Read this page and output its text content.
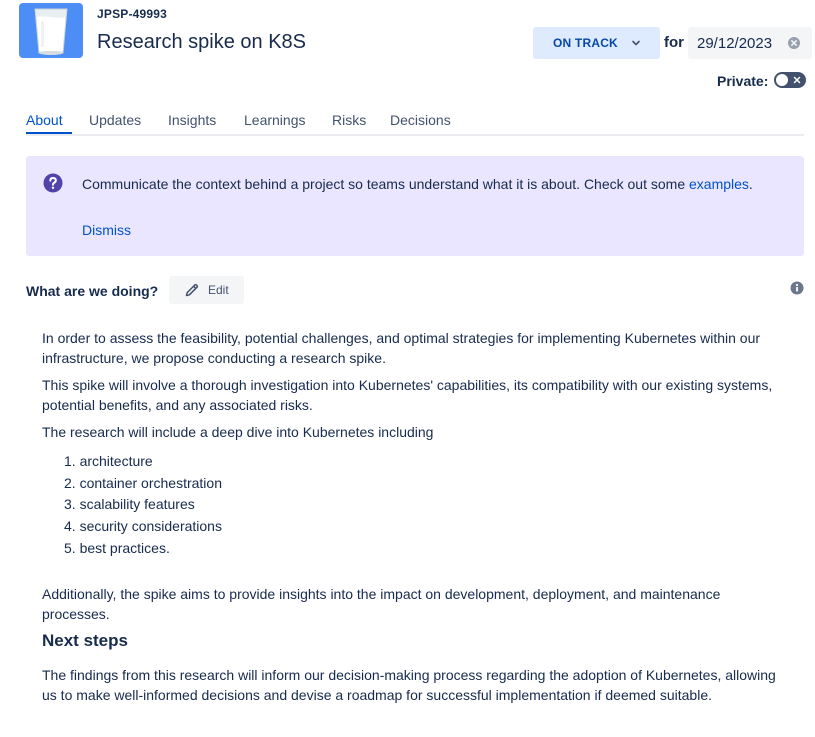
JPSP-49993
Research spike on K8S	ON TRACK	for 29/12/2023
Private:
About Updates Insights Learnings Risks Decisions
Communicate the context behind a project so teams understand what it is about. Check out some examples.
Dismiss
What are we doing?	Edit

In order to assess the feasibility, potential challenges, and optimal strategies for implementing Kubernetes within our infrastructure, we propose conducting a research spike.

This spike will involve a thorough investigation into Kubernetes' capabilities, its compatibility with our existing systems, potential benefits, and any associated risks.

The research will include a deep dive into Kubernetes including

1. architecture
2. container orchestration
3. scalability features
4. security considerations
5. best practices.

Additionally, the spike aims to provide insights into the impact on development, deployment, and maintenance processes.

Next steps

The findings from this research will inform our decision-making process regarding the adoption of Kubernetes, allowing us to make well-informed decisions and devise a roadmap for successful implementation if deemed suitable.
